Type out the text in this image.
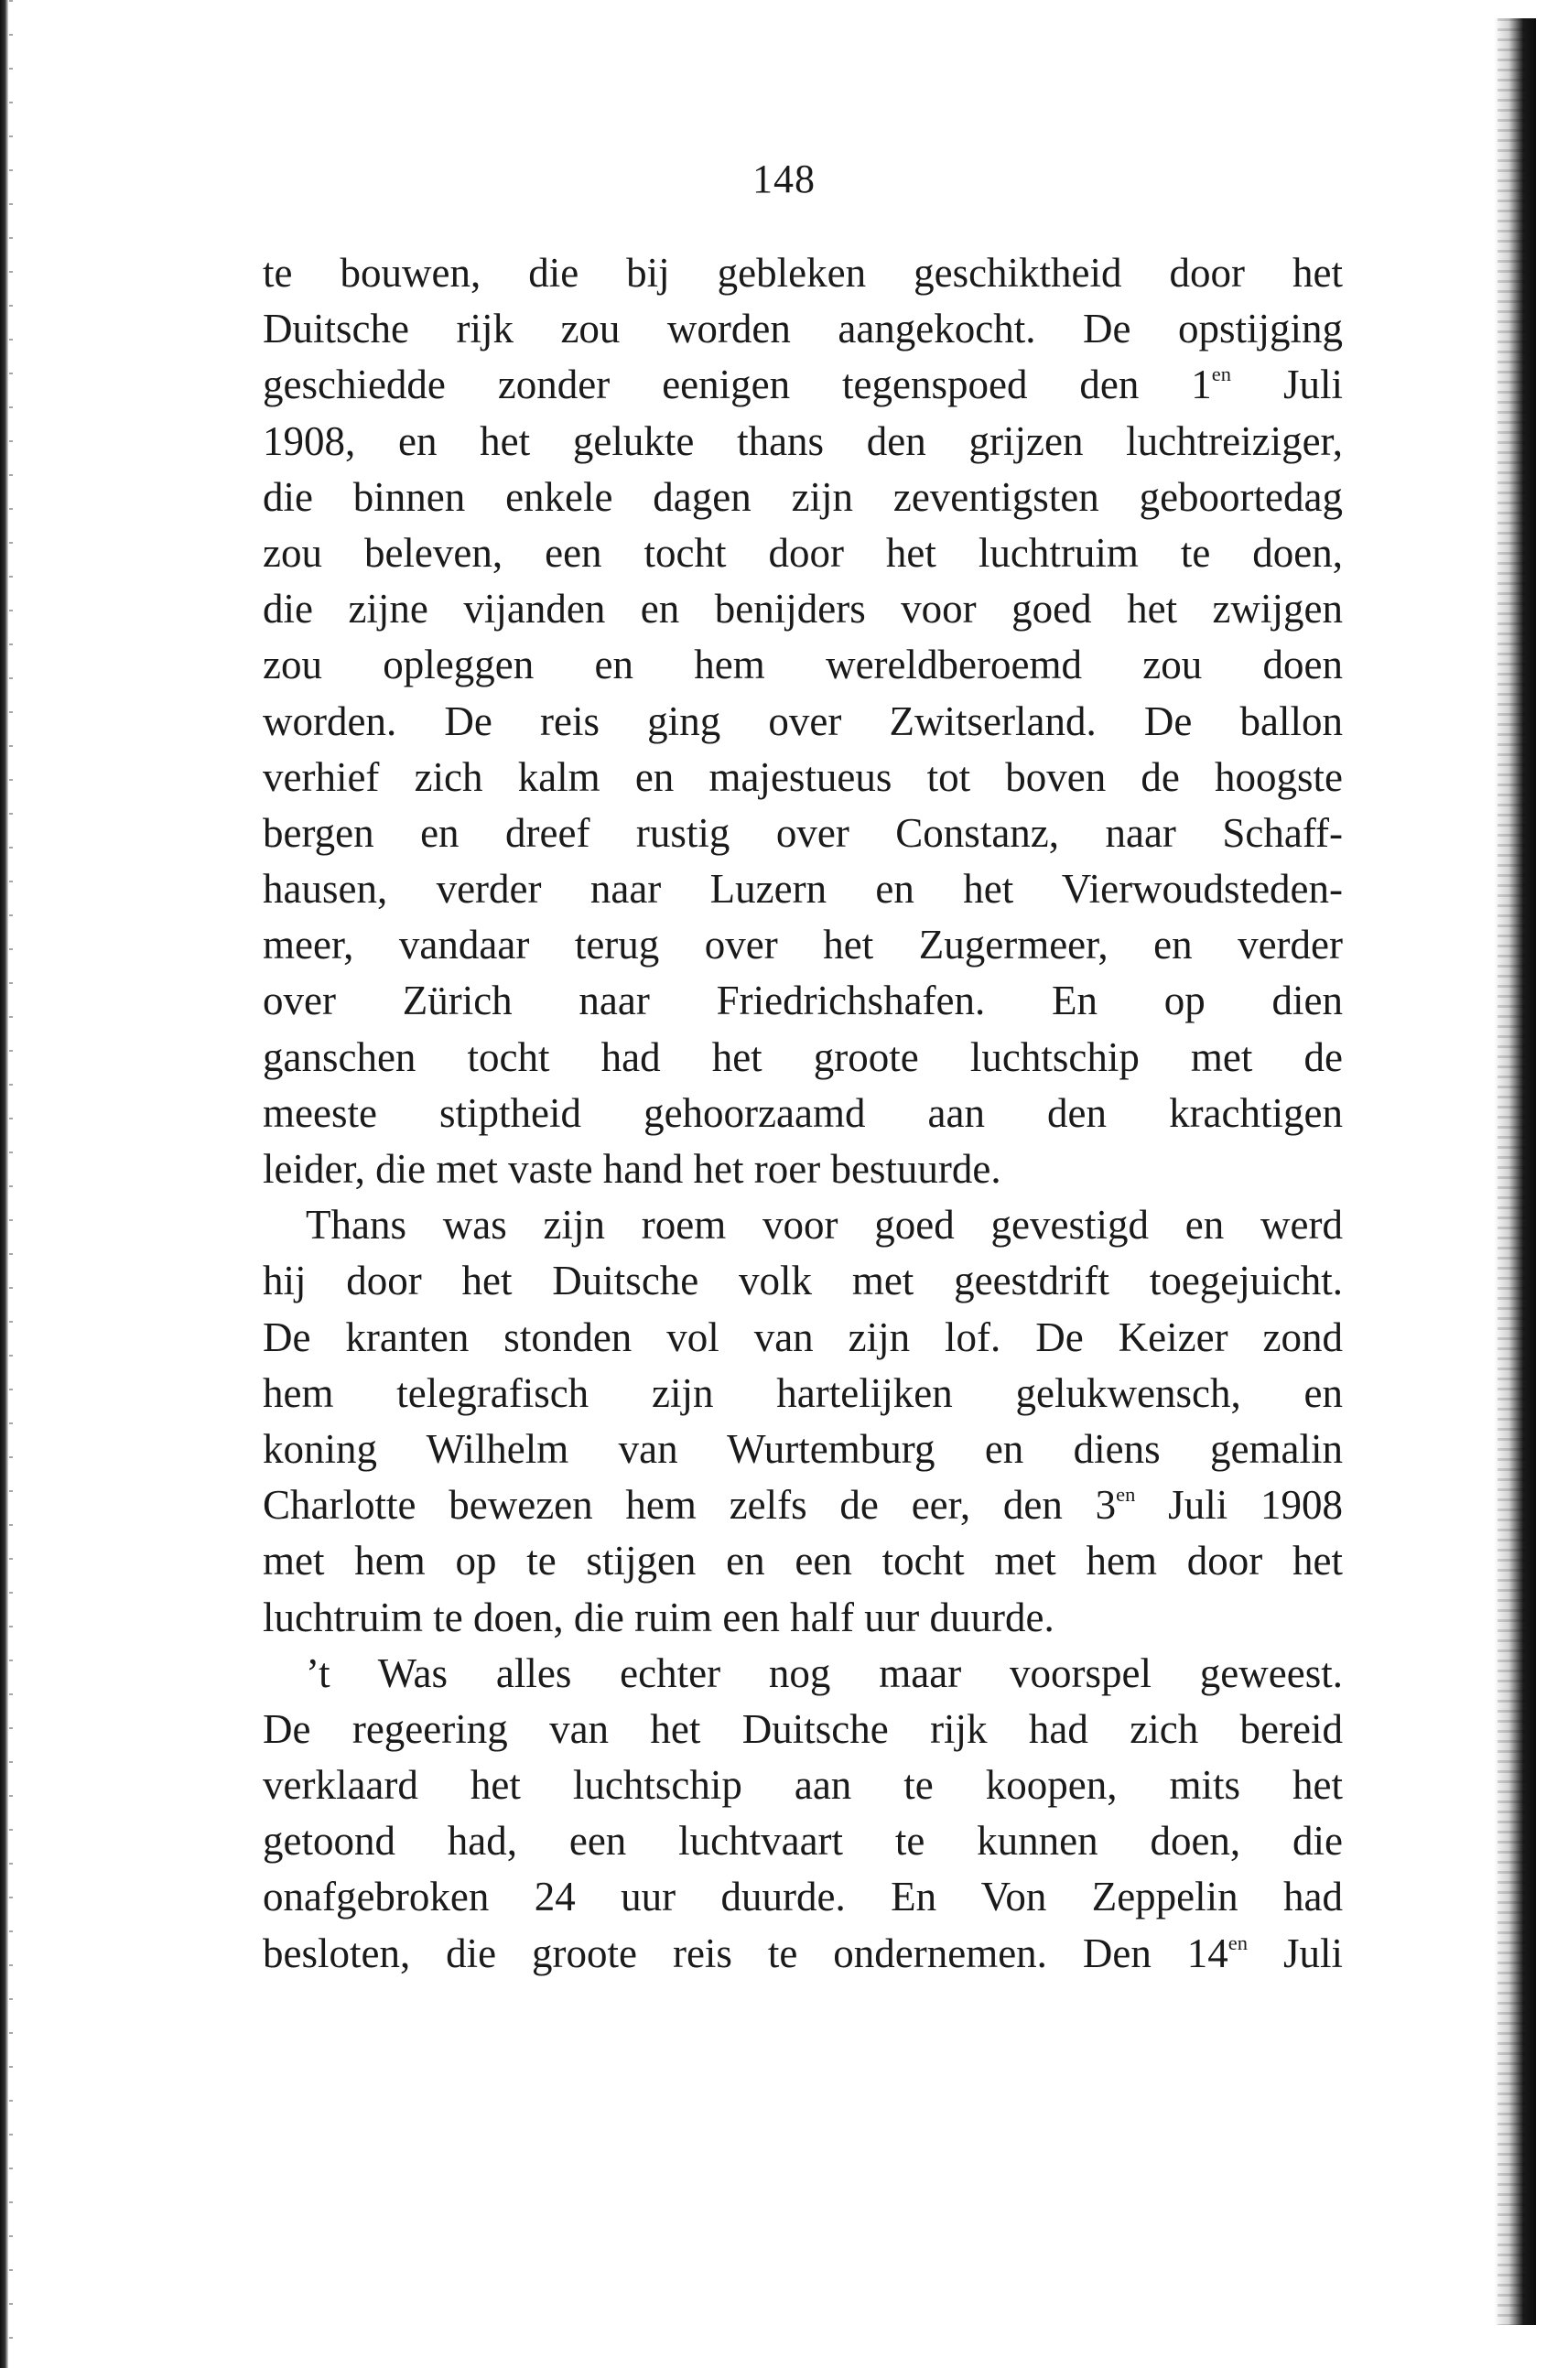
148
te bouwen, die bij gebleken geschiktheid door het
Duitsche rijk zou worden aangekocht. De opstijging
geschiedde zonder eenigen tegenspoed den $1^{en}$ Juli
1908, en het gelukte thans den grijzen luchtreiziger,
die binnen enkele dagen zijn zeventigsten geboortedag
zou beleven, een tocht door het luchtruim te doen,
die zijne vijanden en benijders voor goed het zwijgen
zou opleggen en hem wereldberoemd zou doen
worden. De reis ging over Zwitserland. De ballon
verhief zich kalm en majestueus tot boven de hoogste
bergen en dreef rustig over Constanz, naar Schaff-
hausen, verder naar Luzern en het Vierwoudsteden-
meer, vandaar terug over het Zugermeer, en verder
over Zürich naar Friedrichshafen. En op dien
ganschen tocht had het groote luchtschip met de
meeste stiptheid gehoorzaamd aan den krachtigen
leider, die met vaste hand het roer bestuurde.
Thans was zijn roem voor goed gevestigd en werd
hij door het Duitsche volk met geestdrift toegejuicht.
De kranten stonden vol van zijn lof. De Keizer zond
hem telegrafisch zijn hartelijken gelukwensch, en
koning Wilhelm van Wurtemburg en diens gemalin
Charlotte bewezen hem zelfs de eer, den $3^{en}$ Juli 1908
met hem op te stijgen en een tocht met hem door het
luchtruim te doen, die ruim een half uur duurde.
’t Was alles echter nog maar voorspel geweest.
De regeering van het Duitsche rijk had zich bereid
verklaard het luchtschip aan te koopen, mits het
getoond had, een luchtvaart te kunnen doen, die
onafgebroken 24 uur duurde. En Von Zeppelin had
besloten, die groote reis te ondernemen. Den $14^{en}$ Juli
